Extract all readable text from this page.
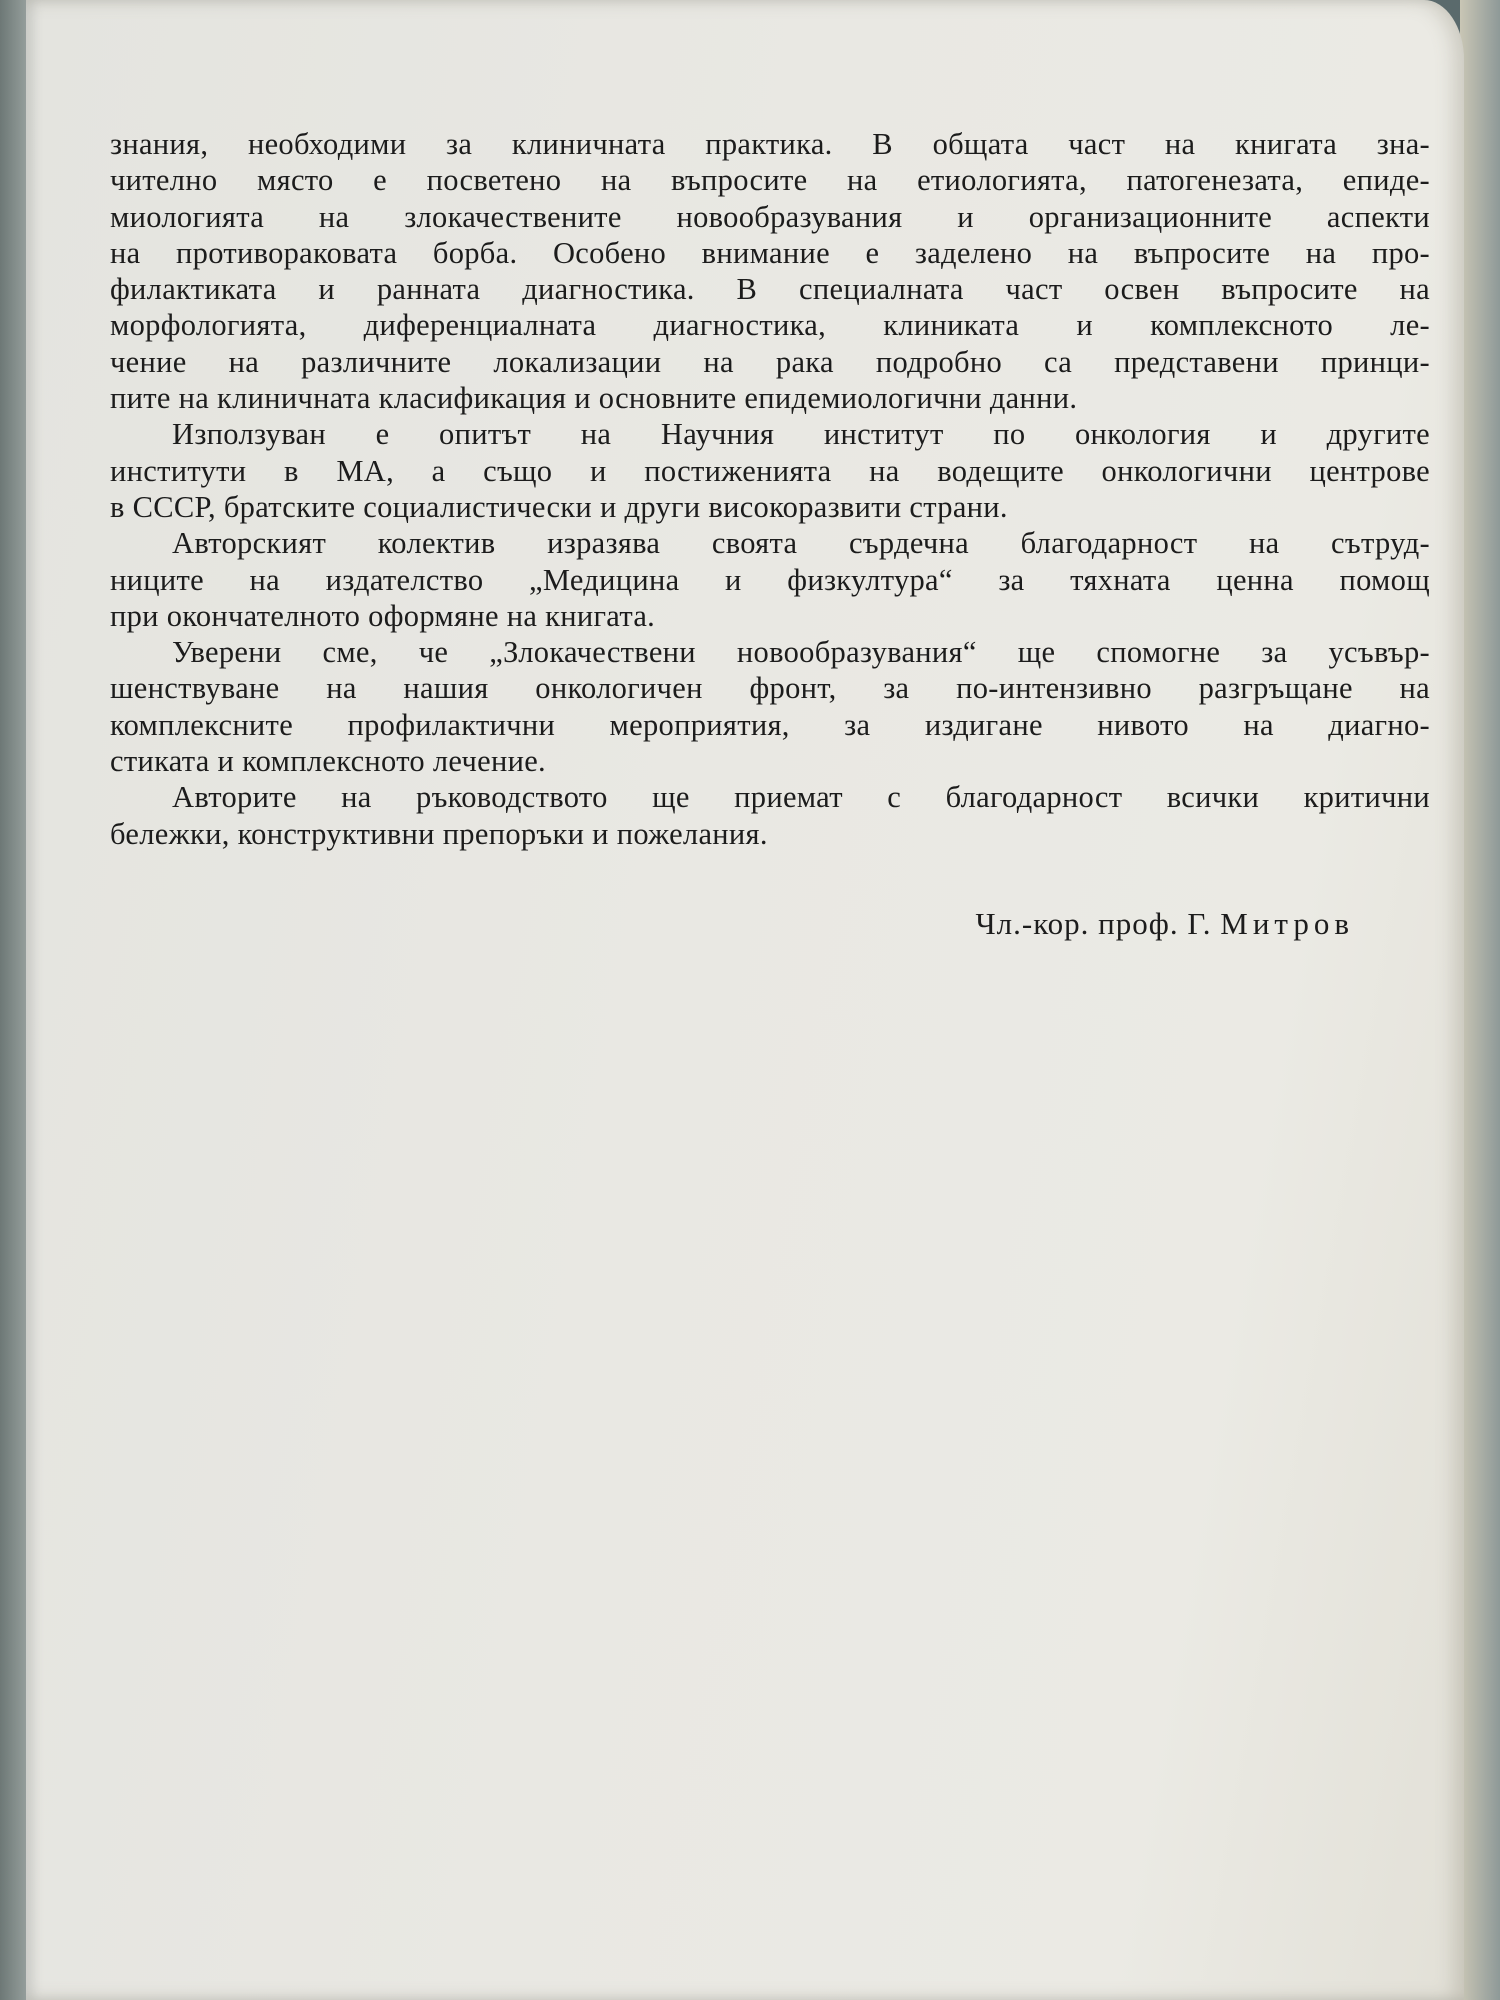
знания, необходими за клиничната практика. В общата част на книгата зна-
чително място е посветено на въпросите на етиологията, патогенезата, епиде-
миологията на злокачествените новообразувания и организационните аспекти
на противораковата борба. Особено внимание е заделено на въпросите на про-
филактиката и ранната диагностика. В специалната част освен въпросите на
морфологията, диференциалната диагностика, клиниката и комплексното ле-
чение на различните локализации на рака подробно са представени принци-
пите на клиничната класификация и основните епидемиологични данни.
Използуван е опитът на Научния институт по онкология и другите
институти в МА, а също и постиженията на водещите онкологични центрове
в СССР, братските социалистически и други високоразвити страни.
Авторският колектив изразява своята сърдечна благодарност на сътруд-
ниците на издателство „Медицина и физкултура“ за тяхната ценна помощ
при окончателното оформяне на книгата.
Уверени сме, че „Злокачествени новообразувания“ ще спомогне за усъвър-
шенствуване на нашия онкологичен фронт, за по-интензивно разгръщане на
комплексните профилактични мероприятия, за издигане нивото на диагно-
стиката и комплексното лечение.
Авторите на ръководството ще приемат с благодарност всички критични
бележки, конструктивни препоръки и пожелания.
Чл.-кор. проф. Г. Митров
